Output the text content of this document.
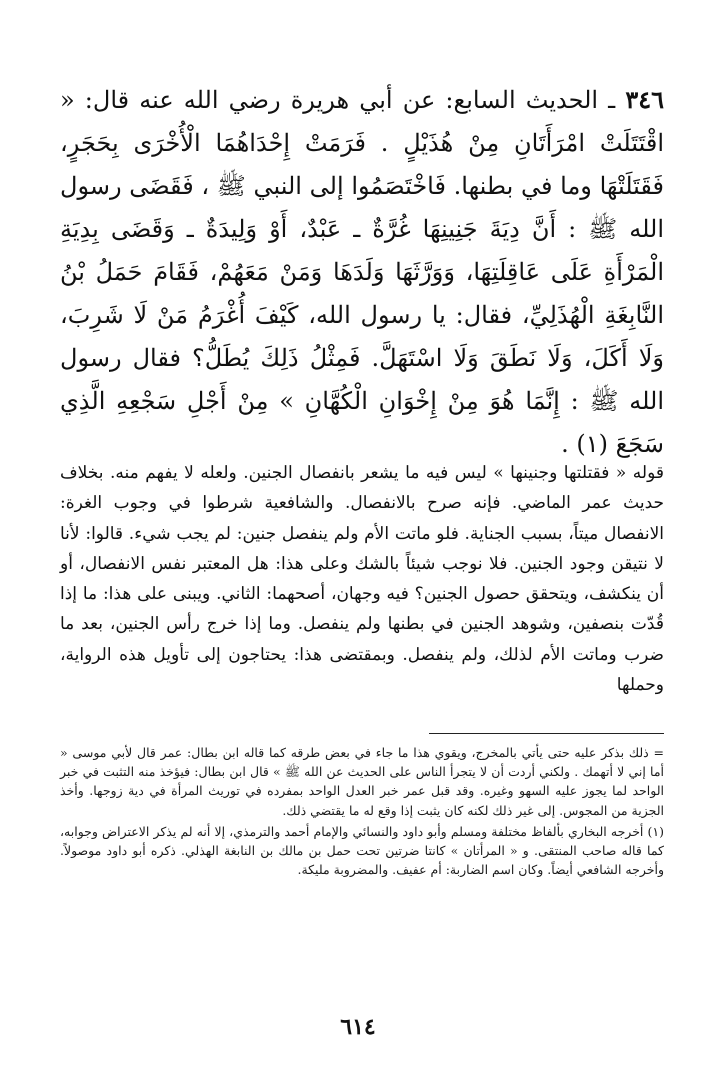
٣٤٦ ـ الحديث السابع: عن أبي هريرة رضي الله عنه قال: « اقْتَتَلَتْ امْرَأَتَانِ مِنْ هُذَيْلٍ . فَرَمَتْ إِحْدَاهُمَا الْأُخْرَى بِحَجَرٍ، فَقَتَلَتْهَا وما في بطنها. فَاخْتَصَمُوا إلى النبي ﷺ ، فَقَضَى رسول الله ﷺ : أَنَّ دِيَةَ جَنِينِهَا غُرَّةٌ ـ عَبْدٌ، أَوْ وَلِيدَةٌ ـ وَقَضَى بِدِيَةِ الْمَرْأَةِ عَلَى عَاقِلَتِهَا، وَوَرَّثَهَا وَلَدَهَا وَمَنْ مَعَهُمْ، فَقَامَ حَمَلُ بْنُ النَّابِغَةِ الْهُذَلِيِّ، فقال: يا رسول الله، كَيْفَ أُغْرَمُ مَنْ لَا شَرِبَ، وَلَا أَكَلَ، وَلَا نَطَقَ وَلَا اسْتَهَلَّ. فَمِثْلُ ذَلِكَ يُطَلُّ؟ فقال رسول الله ﷺ : إِنَّمَا هُوَ مِنْ إِخْوَانِ الْكُهَّانِ » مِنْ أَجْلِ سَجْعِهِ الَّذِي سَجَعَ (١) .

قوله « فقتلتها وجنينها » ليس فيه ما يشعر بانفصال الجنين. ولعله لا يفهم منه. بخلاف حديث عمر الماضي. فإنه صرح بالانفصال. والشافعية شرطوا في وجوب الغرة: الانفصال ميتاً، بسبب الجناية. فلو ماتت الأم ولم ينفصل جنين: لم يجب شيء. قالوا: لأنا لا نتيقن وجود الجنين. فلا نوجب شيئاً بالشك وعلى هذا: هل المعتبر نفس الانفصال، أو أن ينكشف، ويتحقق حصول الجنين؟ فيه وجهان، أصحهما: الثاني. ويبنى على هذا: ما إذا قُدّت بنصفين، وشوهد الجنين في بطنها ولم ينفصل. وما إذا خرج رأس الجنين، بعد ما ضرب وماتت الأم لذلك، ولم ينفصل. وبمقتضى هذا: يحتاجون إلى تأويل هذه الرواية، وحملها

= ذلك بذكر عليه حتى يأتي بالمخرج، ويقوي هذا ما جاء في بعض طرقه كما قاله ابن بطال: عمر قال لأبي موسى « أما إني لا أتهمك . ولكني أردت أن لا يتجرأ الناس على الحديث عن الله ﷺ » قال ابن بطال: فيؤخذ منه التثبت في خبر الواحد لما يجوز عليه السهو وغيره. وقد قبل عمر خبر العدل الواحد بمفرده في توريث المرأة في دية زوجها. وأخذ الجزية من المجوس. إلى غير ذلك لكنه كان يثبت إذا وقع له ما يقتضي ذلك.

(١) أخرجه البخاري بألفاظ مختلفة ومسلم وأبو داود والنسائي والإمام أحمد والترمذي، إلا أنه لم يذكر الاعتراض وجوابه، كما قاله صاحب المنتقى. و « المرأتان » كانتا ضرتين تحت حمل بن مالك بن النابغة الهذلي. ذكره أبو داود موصولاً. وأخرجه الشافعي أيضاً. وكان اسم الضاربة: أم عفيف. والمضروبة مليكة.

٦١٤
